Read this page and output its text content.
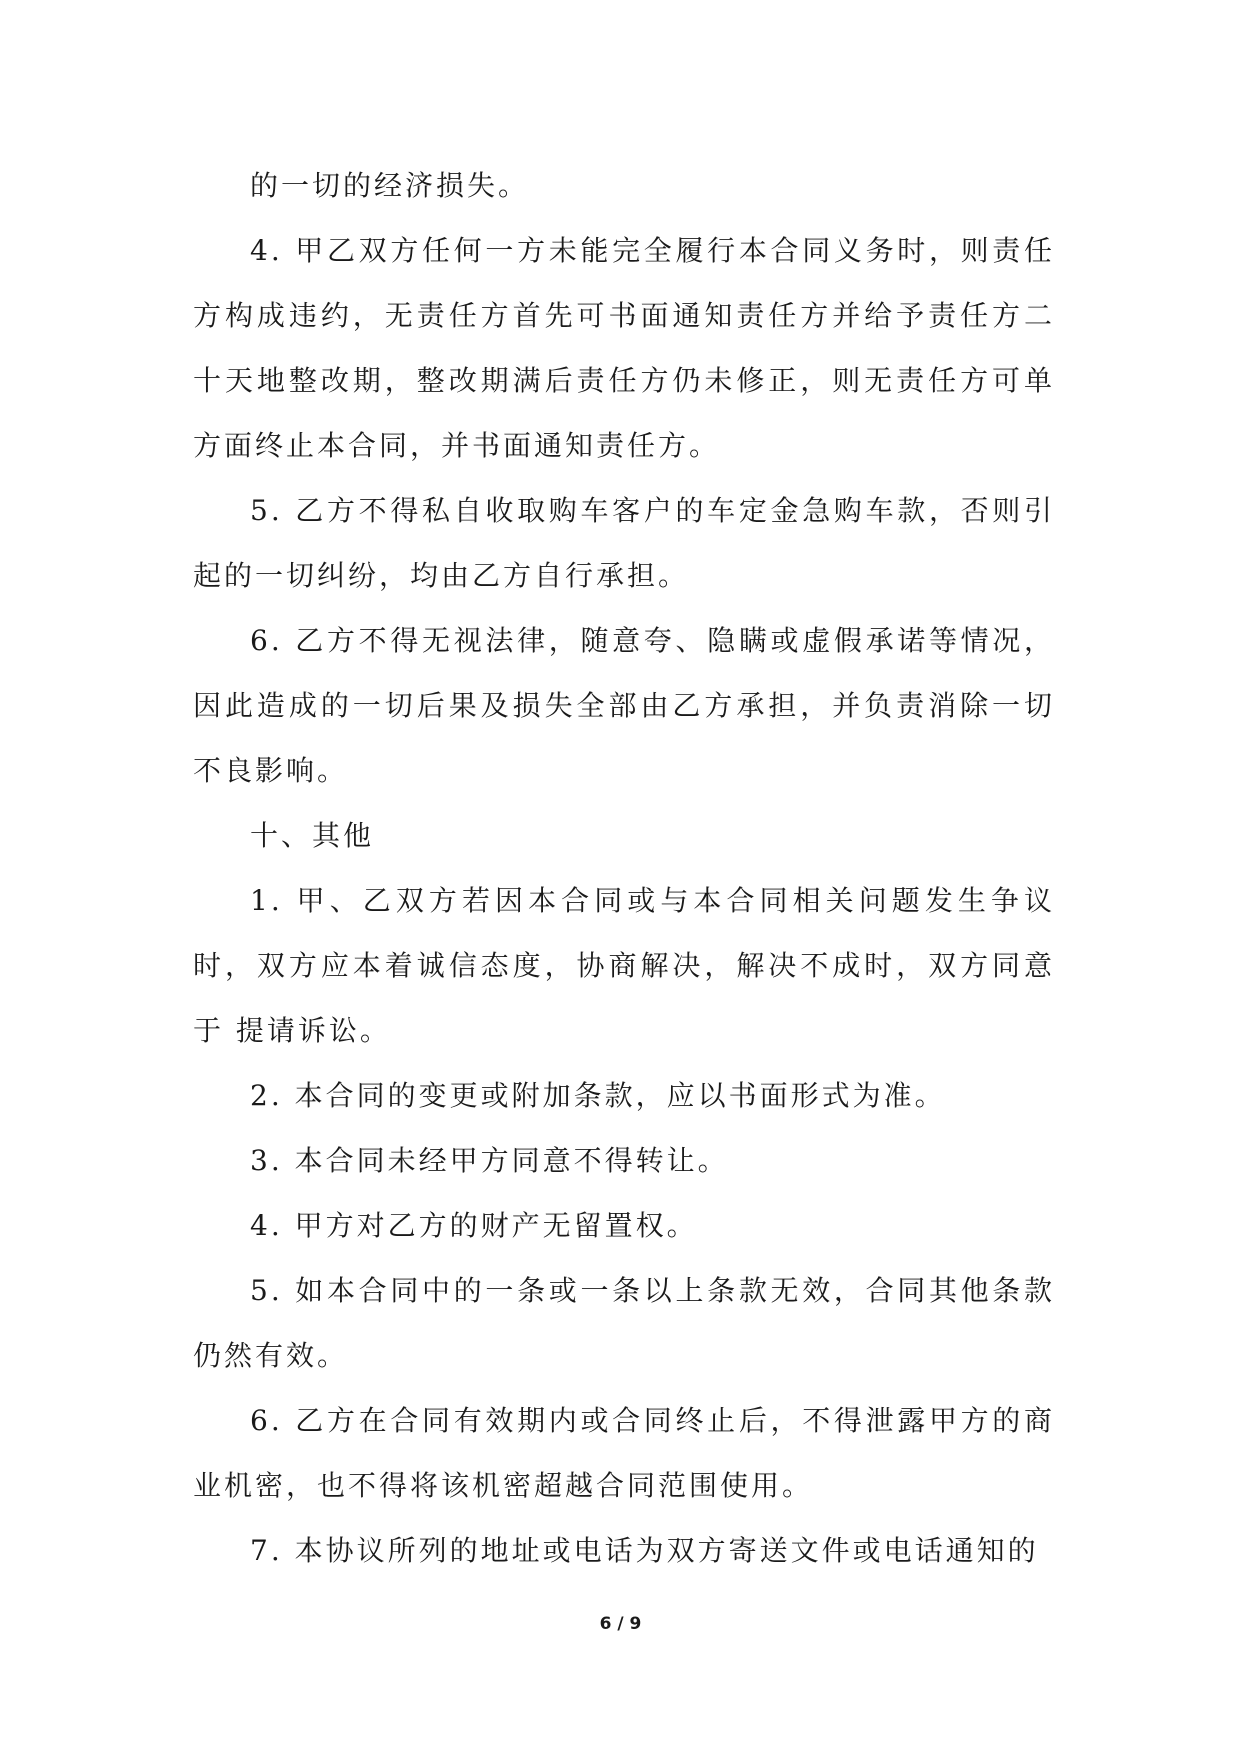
的一切的经济损失。

4. 甲乙双方任何一方未能完全履行本合同义务时，则责任方构成违约，无责任方首先可书面通知责任方并给予责任方二十天地整改期，整改期满后责任方仍未修正，则无责任方可单方面终止本合同，并书面通知责任方。

5. 乙方不得私自收取购车客户的车定金急购车款，否则引起的一切纠纷，均由乙方自行承担。

6. 乙方不得无视法律，随意夸、隐瞒或虚假承诺等情况，因此造成的一切后果及损失全部由乙方承担，并负责消除一切不良影响。

十、其他

1. 甲、乙双方若因本合同或与本合同相关问题发生争议时，双方应本着诚信态度，协商解决，解决不成时，双方同意于 提请诉讼。

2. 本合同的变更或附加条款，应以书面形式为准。

3. 本合同未经甲方同意不得转让。

4. 甲方对乙方的财产无留置权。

5. 如本合同中的一条或一条以上条款无效，合同其他条款仍然有效。

6. 乙方在合同有效期内或合同终止后，不得泄露甲方的商业机密，也不得将该机密超越合同范围使用。

7. 本协议所列的地址或电话为双方寄送文件或电话通知的

6 / 9
